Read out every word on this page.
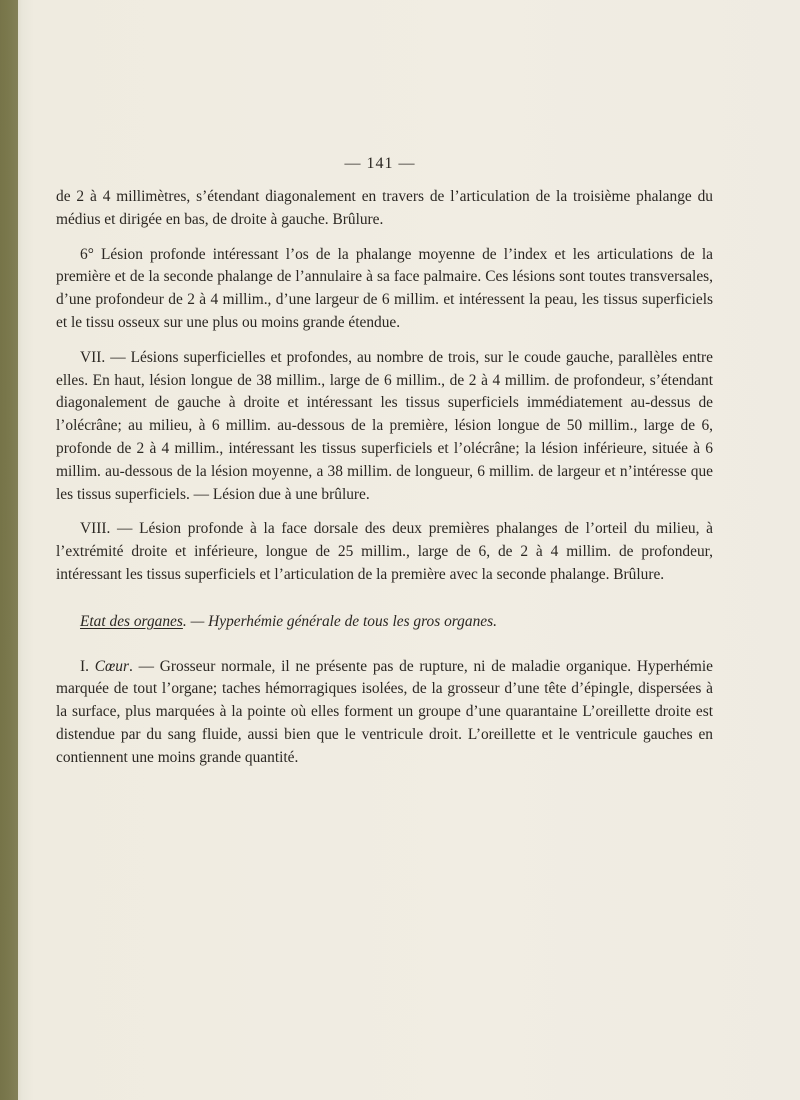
— 141 —

de 2 à 4 millimètres, s’étendant diagonalement en travers de l’articulation de la troisième phalange du médius et dirigée en bas, de droite à gauche. Brûlure.

6° Lésion profonde intéressant l’os de la phalange moyenne de l’index et les articulations de la première et de la seconde phalange de l’annulaire à sa face palmaire. Ces lésions sont toutes transversales, d’une profondeur de 2 à 4 millim., d’une largeur de 6 millim. et intéressent la peau, les tissus superficiels et le tissu osseux sur une plus ou moins grande étendue.

VII. — Lésions superficielles et profondes, au nombre de trois, sur le coude gauche, parallèles entre elles. En haut, lésion longue de 38 millim., large de 6 millim., de 2 à 4 millim. de profondeur, s’étendant diagonalement de gauche à droite et intéressant les tissus superficiels immédiatement au-dessus de l’olécrâne; au milieu, à 6 millim. au-dessous de la première, lésion longue de 50 millim., large de 6, profonde de 2 à 4 millim., intéressant les tissus superficiels et l’olécrâne; la lésion inférieure, située à 6 millim. au-dessous de la lésion moyenne, a 38 millim. de longueur, 6 millim. de largeur et n’intéresse que les tissus superficiels. — Lésion due à une brûlure.

VIII. — Lésion profonde à la face dorsale des deux premières phalanges de l’orteil du milieu, à l’extrémité droite et inférieure, longue de 25 millim., large de 6, de 2 à 4 millim. de profondeur, intéressant les tissus superficiels et l’articulation de la première avec la seconde phalange. Brûlure.

Etat des organes. — Hyperhémie générale de tous les gros organes.

I. Cœur. — Grosseur normale, il ne présente pas de rupture, ni de maladie organique. Hyperhémie marquée de tout l’organe; taches hémorragiques isolées, de la grosseur d’une tête d’épingle, dispersées à la surface, plus marquées à la pointe où elles forment un groupe d’une quarantaine L’oreillette droite est distendue par du sang fluide, aussi bien que le ventricule droit. L’oreillette et le ventricule gauches en contiennent une moins grande quantité.
